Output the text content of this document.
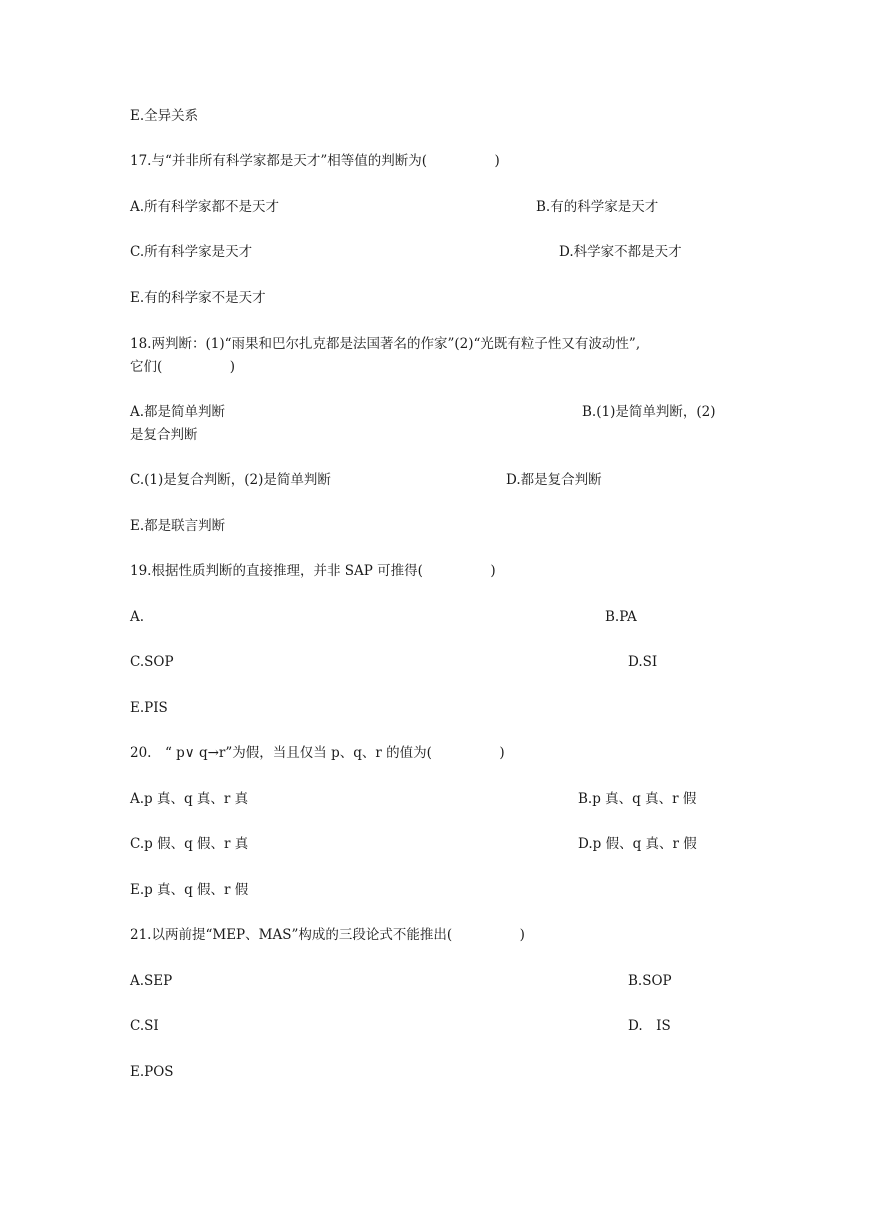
E.全异关系
17.与“并非所有科学家都是天才”相等值的判断为(　　　　　)
A.所有科学家都不是天才	B.有的科学家是天才
C.所有科学家是天才	D.科学家不都是天才
E.有的科学家不是天才
18.两判断：(1)“雨果和巴尔扎克都是法国著名的作家”(2)“光既有粒子性又有波动性”,
它们(　　　　　)
A.都是简单判断	B.(1)是简单判断，(2)
是复合判断
C.(1)是复合判断，(2)是简单判断	D.都是复合判断
E.都是联言判断
19.根据性质判断的直接推理，并非 SAP 可推得(　　　　　)
A.	B.PA
C.SOP	D.SI
E.PIS
20.　“ p∨ q→r”为假，当且仅当 p、q、r 的值为(　　　　　)
A.p 真、q 真、r 真	B.p 真、q 真、r 假
C.p 假、q 假、r 真	D.p 假、q 真、r 假
E.p 真、q 假、r 假
21.以两前提“MEP、MAS”构成的三段论式不能推出(　　　　　)
A.SEP	B.SOP
C.SI	D.　IS
E.POS
